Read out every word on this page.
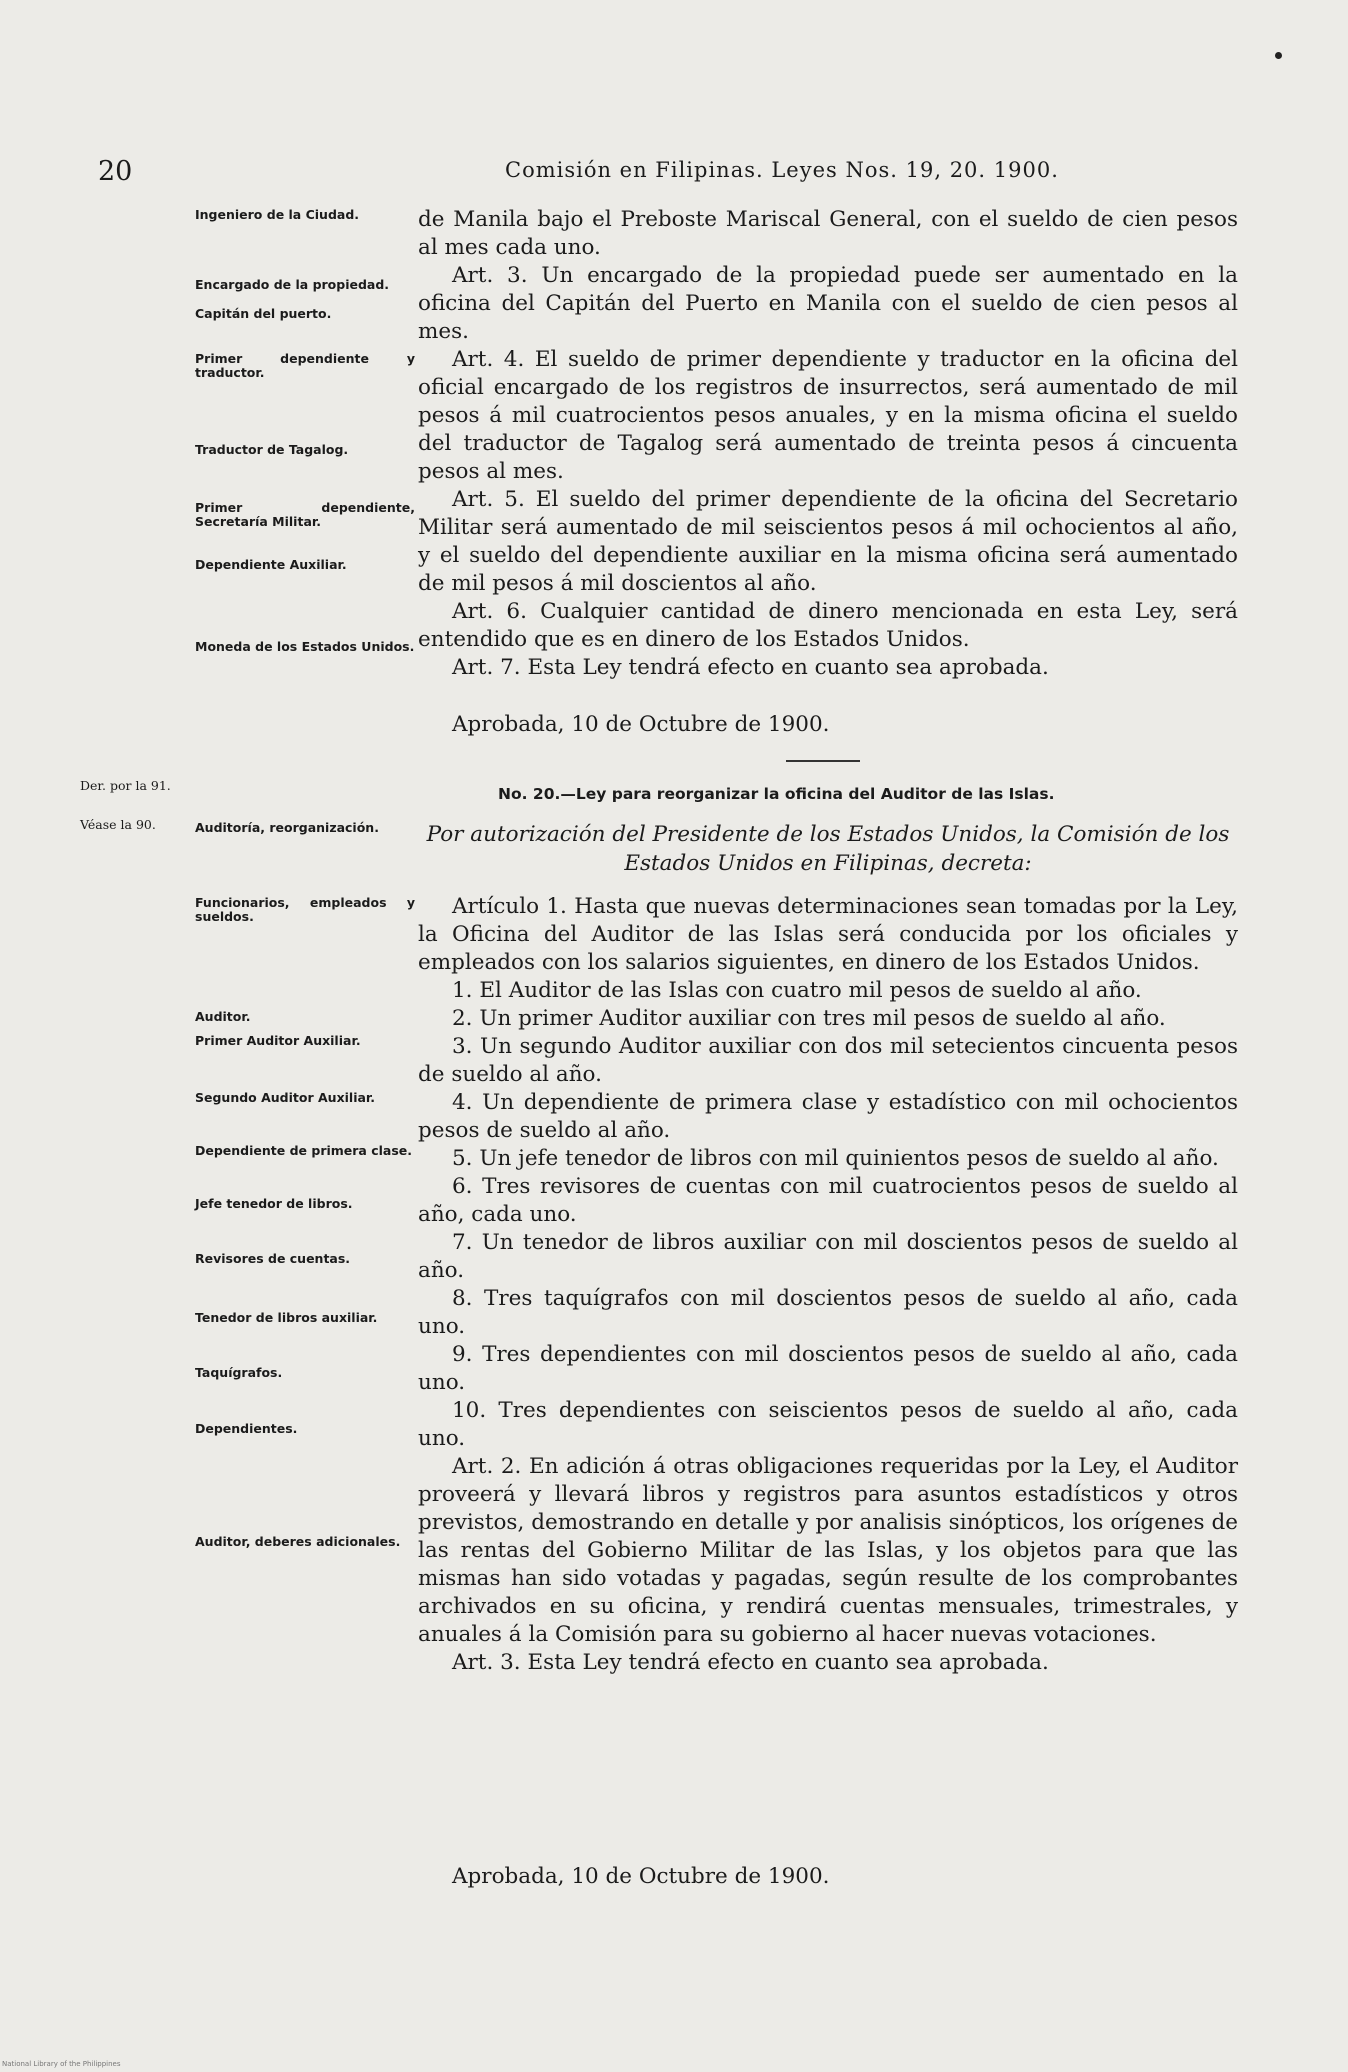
20	Comisión en Filipinas. Leyes Nos. 19, 20. 1900.
Ingeniero de la Ciudad.
Encargado de la propiedad.
Capitán del puerto.
Primer dependiente y traductor.
Traductor de Tagalog.
Primer dependiente, Secretaría Militar.
Dependiente Auxiliar.
Moneda de los Estados Unidos.
Der. por la 91.
Véase la 90.	Auditoría, reorganización.
Funcionarios, empleados y sueldos.
Auditor.
Primer Auditor Auxiliar.
Segundo Auditor Auxiliar.
Dependiente de primera clase.
Jefe tenedor de libros.
Revisores de cuentas.
Tenedor de libros auxiliar.
Taquígrafos.
Dependientes.
Auditor, deberes adicionales.
de Manila bajo el Preboste Mariscal General, con el sueldo de cien pesos al mes cada uno.
Art. 3. Un encargado de la propiedad puede ser aumentado en la oficina del Capitán del Puerto en Manila con el sueldo de cien pesos al mes.
Art. 4. El sueldo de primer dependiente y traductor en la oficina del oficial encargado de los registros de insurrectos, será aumentado de mil pesos á mil cuatrocientos pesos anuales, y en la misma oficina el sueldo del traductor de Tagalog será aumentado de treinta pesos á cincuenta pesos al mes.
Art. 5. El sueldo del primer dependiente de la oficina del Secretario Militar será aumentado de mil seiscientos pesos á mil ochocientos al año, y el sueldo del dependiente auxiliar en la misma oficina será aumentado de mil pesos á mil doscientos al año.
Art. 6. Cualquier cantidad de dinero mencionada en esta Ley, será entendido que es en dinero de los Estados Unidos.
Art. 7. Esta Ley tendrá efecto en cuanto sea aprobada.
Aprobada, 10 de Octubre de 1900.
No. 20.—Ley para reorganizar la oficina del Auditor de las Islas.
Por autorización del Presidente de los Estados Unidos, la Comisión de los Estados Unidos en Filipinas, decreta:
Artículo 1. Hasta que nuevas determinaciones sean tomadas por la Ley, la Oficina del Auditor de las Islas será conducida por los oficiales y empleados con los salarios siguientes, en dinero de los Estados Unidos.
1. El Auditor de las Islas con cuatro mil pesos de sueldo al año.
2. Un primer Auditor auxiliar con tres mil pesos de sueldo al año.
3. Un segundo Auditor auxiliar con dos mil setecientos cincuenta pesos de sueldo al año.
4. Un dependiente de primera clase y estadístico con mil ochocientos pesos de sueldo al año.
5. Un jefe tenedor de libros con mil quinientos pesos de sueldo al año.
6. Tres revisores de cuentas con mil cuatrocientos pesos de sueldo al año, cada uno.
7. Un tenedor de libros auxiliar con mil doscientos pesos de sueldo al año.
8. Tres taquígrafos con mil doscientos pesos de sueldo al año, cada uno.
9. Tres dependientes con mil doscientos pesos de sueldo al año, cada uno.
10. Tres dependientes con seiscientos pesos de sueldo al año, cada uno.
Art. 2. En adición á otras obligaciones requeridas por la Ley, el Auditor proveerá y llevará libros y registros para asuntos estadísticos y otros previstos, demostrando en detalle y por analisis sinópticos, los orígenes de las rentas del Gobierno Militar de las Islas, y los objetos para que las mismas han sido votadas y pagadas, según resulte de los comprobantes archivados en su oficina, y rendirá cuentas mensuales, trimestrales, y anuales á la Comisión para su gobierno al hacer nuevas votaciones.
Art. 3. Esta Ley tendrá efecto en cuanto sea aprobada.
Aprobada, 10 de Octubre de 1900.
National Library of the Philippines
